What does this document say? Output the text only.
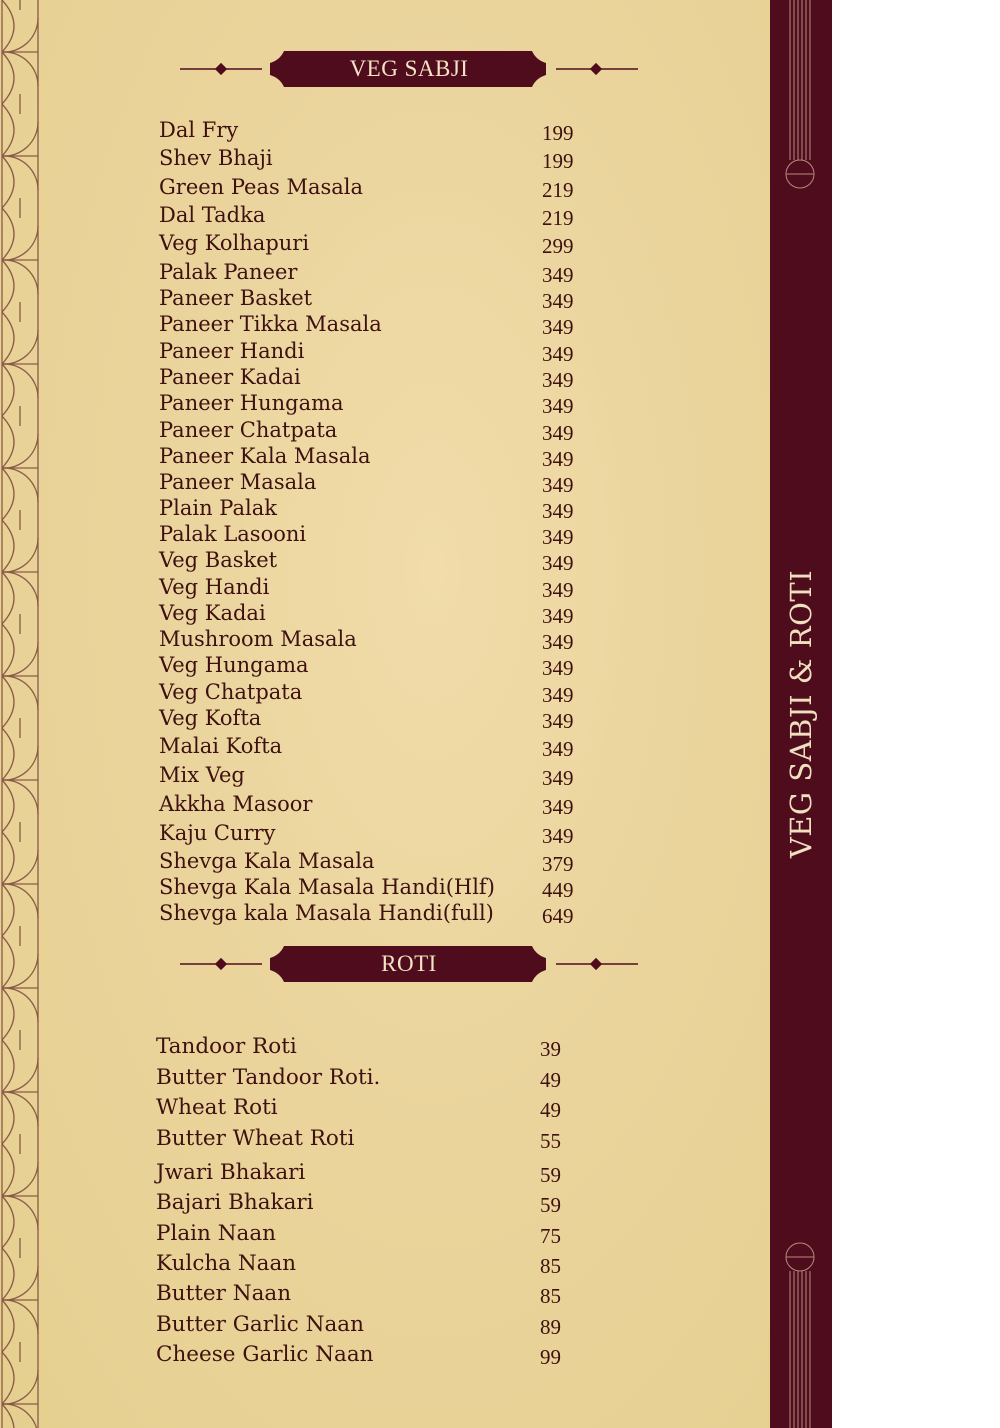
VEG SABJI
Dal Fry	199
Shev Bhaji	199
Green Peas Masala	219
Dal Tadka	219
Veg Kolhapuri	299
Palak Paneer	349
Paneer Basket	349
Paneer Tikka Masala	349
Paneer Handi	349
Paneer Kadai	349
Paneer Hungama	349
Paneer Chatpata	349
Paneer Kala Masala	349
Paneer Masala	349
Plain Palak	349
Palak Lasooni	349
Veg Basket	349
Veg Handi	349
Veg Kadai	349
Mushroom Masala	349
Veg Hungama	349
Veg Chatpata	349
Veg Kofta	349
Malai Kofta	349
Mix Veg	349
Akkha Masoor	349
Kaju Curry	349
Shevga Kala Masala	379
Shevga Kala Masala Handi(Hlf) 449
Shevga kala Masala Handi(full) 649
ROTI
Tandoor Roti	39
Butter Tandoor Roti.	49
Wheat Roti	49
Butter Wheat Roti	55
Jwari Bhakari	59
Bajari Bhakari	59
Plain Naan	75
Kulcha Naan	85
Butter Naan	85
Butter Garlic Naan	89
Cheese Garlic Naan	99
VEG SABJI & ROTI
